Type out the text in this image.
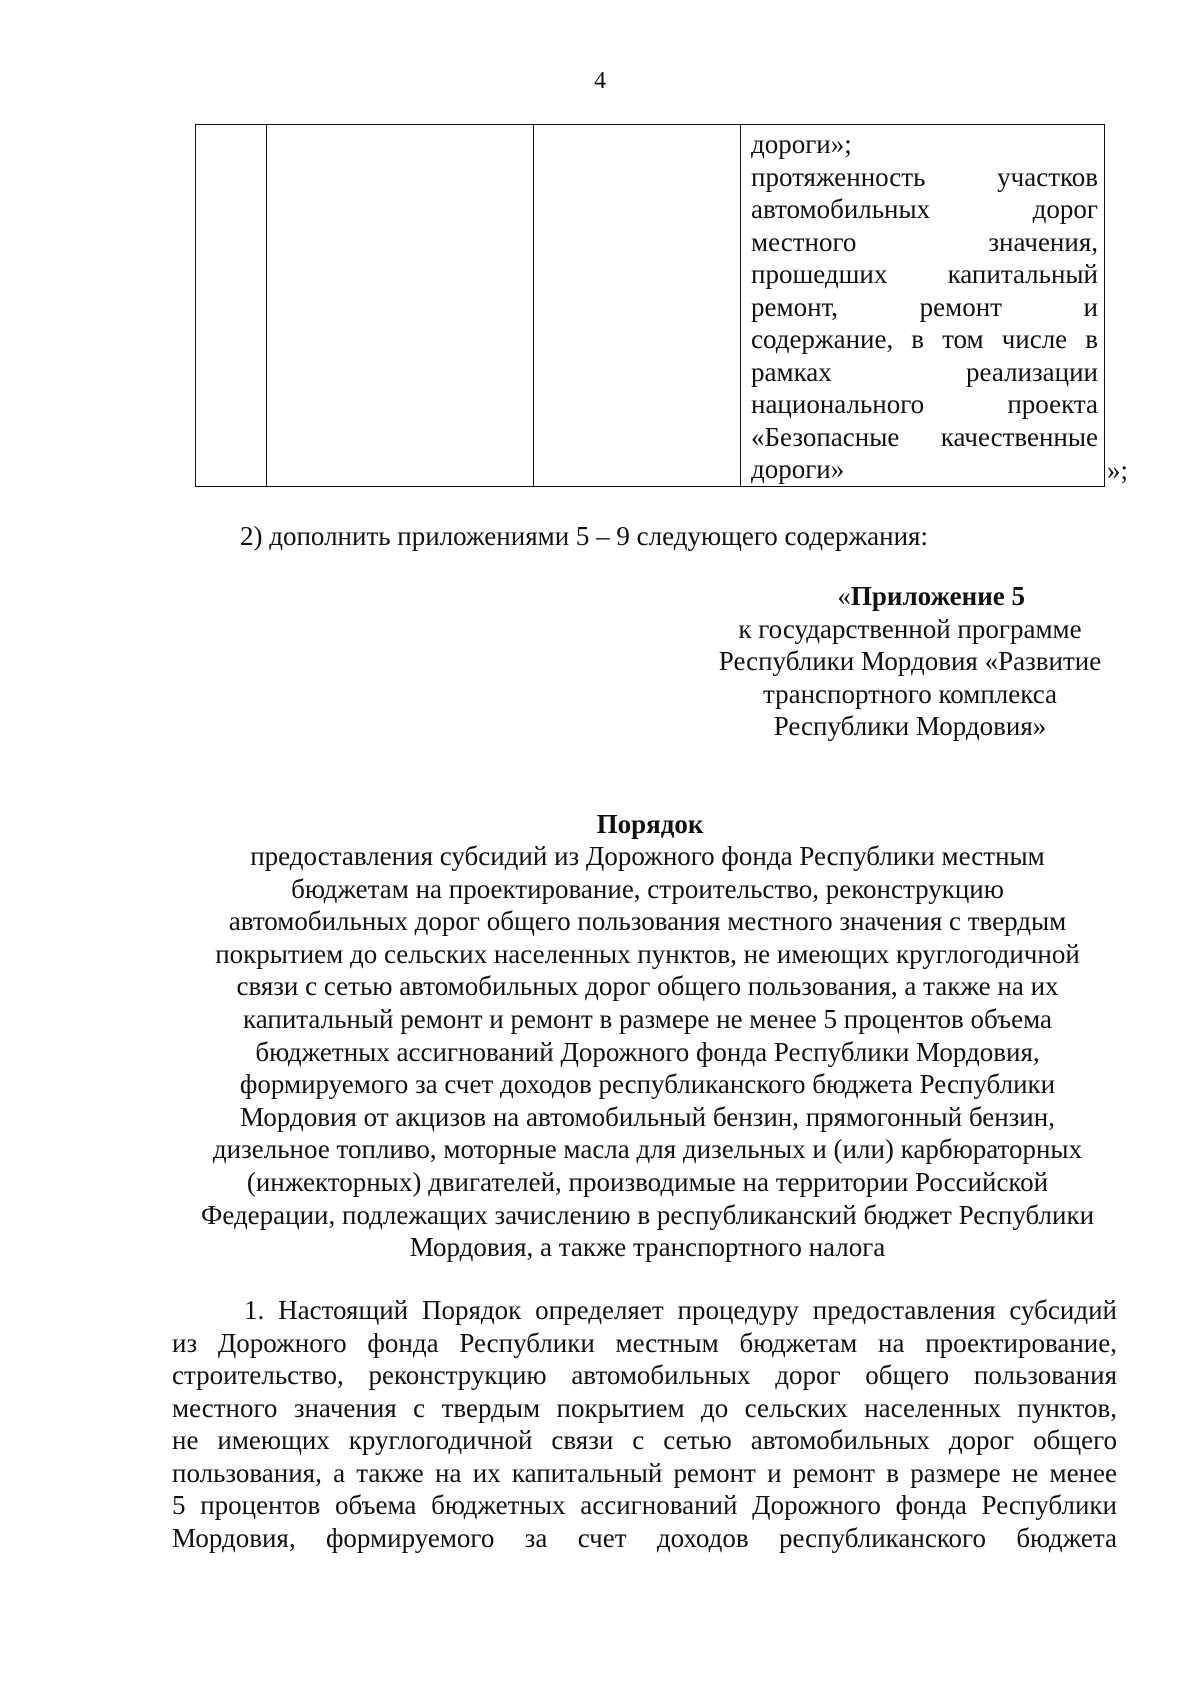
4

дороги»;
протяженность участков
автомобильных дорог
местного значения,
прошедших капитальный
ремонт, ремонт и
содержание, в том числе в
рамках реализации
национального проекта
«Безопасные качественные
дороги»	»;
2) дополнить приложениями 5 – 9 следующего содержания:
«Приложение 5
к государственной программе
Республики Мордовия «Развитие
транспортного комплекса
Республики Мордовия»
Порядок
предоставления субсидий из Дорожного фонда Республики местным
бюджетам на проектирование, строительство, реконструкцию
автомобильных дорог общего пользования местного значения с твердым
покрытием до сельских населенных пунктов, не имеющих круглогодичной
связи с сетью автомобильных дорог общего пользования, а также на их
капитальный ремонт и ремонт в размере не менее 5 процентов объема
бюджетных ассигнований Дорожного фонда Республики Мордовия,
формируемого за счет доходов республиканского бюджета Республики
Мордовия от акцизов на автомобильный бензин, прямогонный бензин,
дизельное топливо, моторные масла для дизельных и (или) карбюраторных
(инжекторных) двигателей, производимые на территории Российской
Федерации, подлежащих зачислению в республиканский бюджет Республики
Мордовия, а также транспортного налога
1. Настоящий Порядок определяет процедуру предоставления субсидий
из Дорожного фонда Республики местным бюджетам на проектирование,
строительство, реконструкцию автомобильных дорог общего пользования
местного значения с твердым покрытием до сельских населенных пунктов,
не имеющих круглогодичной связи с сетью автомобильных дорог общего
пользования, а также на их капитальный ремонт и ремонт в размере не менее
5 процентов объема бюджетных ассигнований Дорожного фонда Республики
Мордовия, формируемого за счет доходов республиканского бюджета
